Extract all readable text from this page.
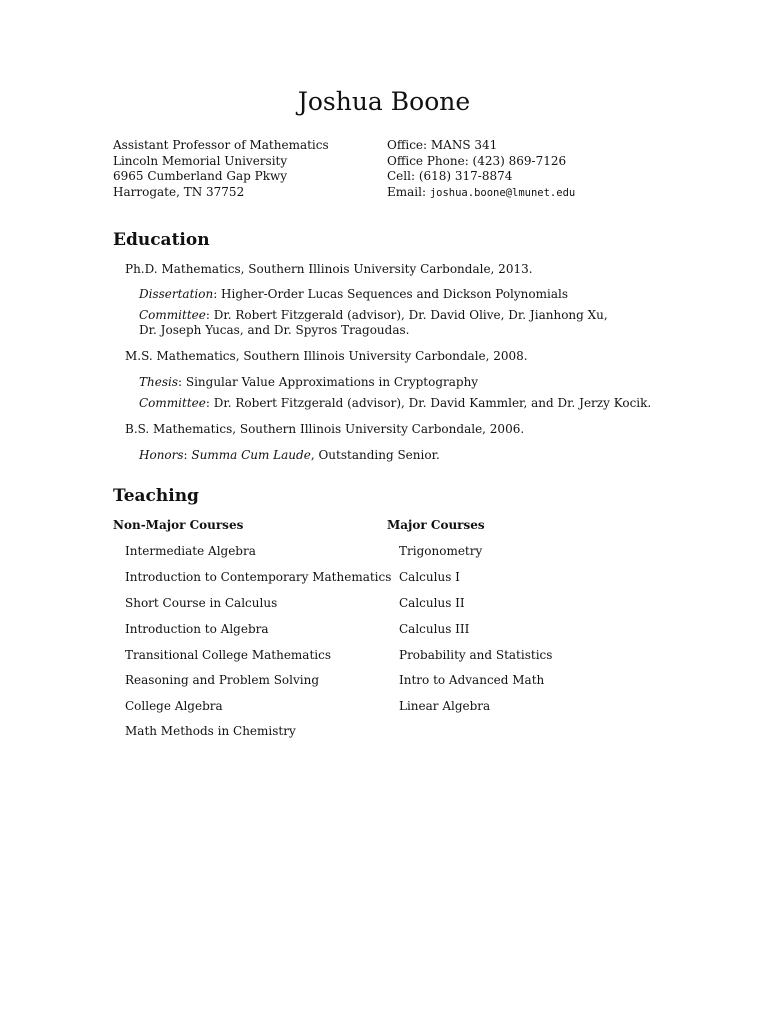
Joshua Boone
Assistant Professor of Mathematics
Lincoln Memorial University
6965 Cumberland Gap Pkwy
Harrogate, TN 37752
Office: MANS 341
Office Phone: (423) 869-7126
Cell: (618) 317-8874
Email: joshua.boone@lmunet.edu
Education
Ph.D. Mathematics, Southern Illinois University Carbondale, 2013.
Dissertation: Higher-Order Lucas Sequences and Dickson Polynomials
Committee: Dr. Robert Fitzgerald (advisor), Dr. David Olive, Dr. Jianhong Xu,
Dr. Joseph Yucas, and Dr. Spyros Tragoudas.
M.S. Mathematics, Southern Illinois University Carbondale, 2008.
Thesis: Singular Value Approximations in Cryptography
Committee: Dr. Robert Fitzgerald (advisor), Dr. David Kammler, and Dr. Jerzy Kocik.
B.S. Mathematics, Southern Illinois University Carbondale, 2006.
Honors: Summa Cum Laude, Outstanding Senior.
Teaching
Non-Major Courses	Major Courses
Intermediate Algebra
Introduction to Contemporary Mathematics
Short Course in Calculus
Introduction to Algebra
Transitional College Mathematics
Reasoning and Problem Solving
College Algebra
Math Methods in Chemistry
Trigonometry
Calculus I
Calculus II
Calculus III
Probability and Statistics
Intro to Advanced Math
Linear Algebra
